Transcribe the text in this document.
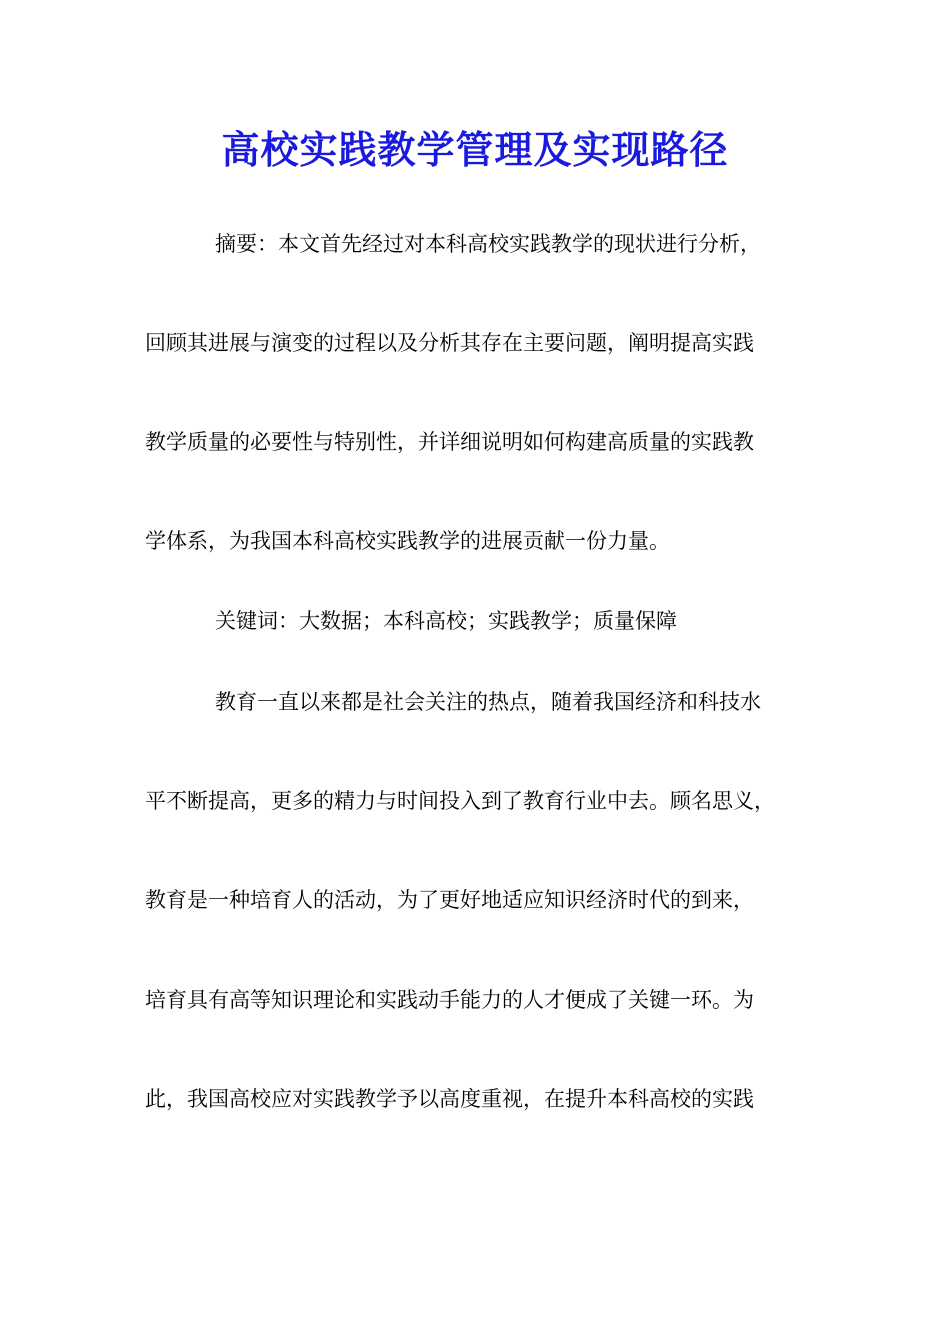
高校实践教学管理及实现路径
摘要：本文首先经过对本科高校实践教学的现状进行分析，
回顾其进展与演变的过程以及分析其存在主要问题，阐明提高实践
教学质量的必要性与特别性，并详细说明如何构建高质量的实践教
学体系，为我国本科高校实践教学的进展贡献一份力量。
关键词：大数据；本科高校；实践教学；质量保障
教育一直以来都是社会关注的热点，随着我国经济和科技水
平不断提高，更多的精力与时间投入到了教育行业中去。顾名思义，
教育是一种培育人的活动，为了更好地适应知识经济时代的到来，
培育具有高等知识理论和实践动手能力的人才便成了关键一环。为
此，我国高校应对实践教学予以高度重视，在提升本科高校的实践
